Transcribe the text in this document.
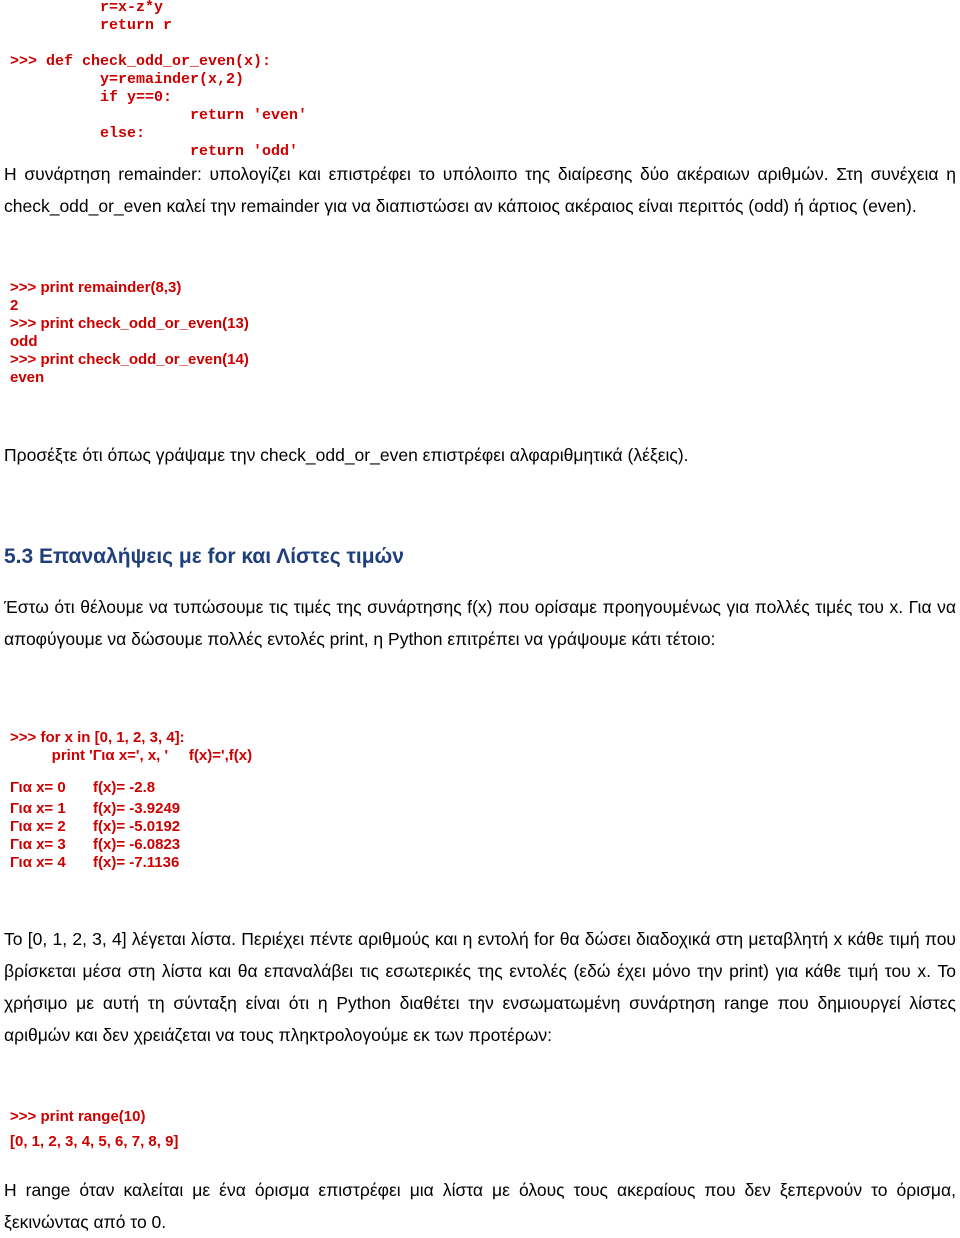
r=x-z*y
return r

>>> def check_odd_or_even(x):
y=remainder(x,2)
if y==0:
return 'even'
else:
return 'odd'

Η συνάρτηση remainder: υπολογίζει και επιστρέφει το υπόλοιπο της διαίρεσης δύο ακέραιων αριθμών. Στη συνέχεια η check_odd_or_even καλεί την remainder για να διαπιστώσει αν κάποιος ακέραιος είναι περιττός (odd) ή άρτιος (even).

>>> print remainder(8,3)
2
>>> print check_odd_or_even(13)
odd
>>> print check_odd_or_even(14)
even

Προσέξτε ότι όπως γράψαμε την check_odd_or_even επιστρέφει αλφαριθμητικά (λέξεις).

5.3 Επαναλήψεις με for και Λίστες τιμών

Έστω ότι θέλουμε να τυπώσουμε τις τιμές της συνάρτησης f(x) που ορίσαμε προηγουμένως για πολλές τιμές του x. Για να αποφύγουμε να δώσουμε πολλές εντολές print, η Python επιτρέπει να γράψουμε κάτι τέτοιο:

>>> for x in [0, 1, 2, 3, 4]:
print 'Για x=', x, '     f(x)=',f(x)
Για x= 0 f(x)= -2.8
Για x= 1 f(x)= -3.9249
Για x= 2 f(x)= -5.0192
Για x= 3 f(x)= -6.0823
Για x= 4 f(x)= -7.1136

Το [0, 1, 2, 3, 4] λέγεται λίστα. Περιέχει πέντε αριθμούς και η εντολή for θα δώσει διαδοχικά στη μεταβλητή x κάθε τιμή που βρίσκεται μέσα στη λίστα και θα επαναλάβει τις εσωτερικές της εντολές (εδώ έχει μόνο την print) για κάθε τιμή του x. Το χρήσιμο με αυτή τη σύνταξη είναι ότι η Python διαθέτει την ενσωματωμένη συνάρτηση range που δημιουργεί λίστες αριθμών και δεν χρειάζεται να τους πληκτρολογούμε εκ των προτέρων:

>>> print range(10)
[0, 1, 2, 3, 4, 5, 6, 7, 8, 9]

Η range όταν καλείται με ένα όρισμα επιστρέφει μια λίστα με όλους τους ακεραίους που δεν ξεπερνούν το όρισμα, ξεκινώντας από το 0.
